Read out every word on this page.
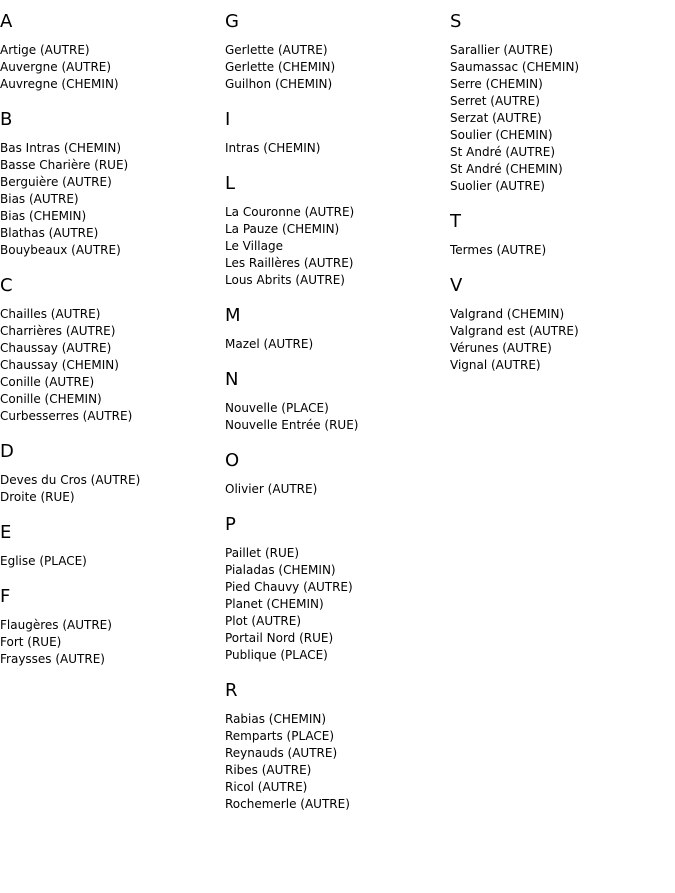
A
Artige (AUTRE)
Auvergne (AUTRE)
Auvregne (CHEMIN)
B
Bas Intras (CHEMIN)
Basse Charière (RUE)
Berguière (AUTRE)
Bias (AUTRE)
Bias (CHEMIN)
Blathas (AUTRE)
Bouybeaux (AUTRE)
C
Chailles (AUTRE)
Charrières (AUTRE)
Chaussay (AUTRE)
Chaussay (CHEMIN)
Conille (AUTRE)
Conille (CHEMIN)
Curbesserres (AUTRE)
D
Deves du Cros (AUTRE)
Droite (RUE)
E
Eglise (PLACE)
F
Flaugères (AUTRE)
Fort (RUE)
Fraysses (AUTRE)
G
Gerlette (AUTRE)
Gerlette (CHEMIN)
Guilhon (CHEMIN)
I
Intras (CHEMIN)
L
La Couronne (AUTRE)
La Pauze (CHEMIN)
Le Village
Les Raillères (AUTRE)
Lous Abrits (AUTRE)
M
Mazel (AUTRE)
N
Nouvelle (PLACE)
Nouvelle Entrée (RUE)
O
Olivier (AUTRE)
P
Paillet (RUE)
Pialadas (CHEMIN)
Pied Chauvy (AUTRE)
Planet (CHEMIN)
Plot (AUTRE)
Portail Nord (RUE)
Publique (PLACE)
R
Rabias (CHEMIN)
Remparts (PLACE)
Reynauds (AUTRE)
Ribes (AUTRE)
Ricol (AUTRE)
Rochemerle (AUTRE)
S
Sarallier (AUTRE)
Saumassac (CHEMIN)
Serre (CHEMIN)
Serret (AUTRE)
Serzat (AUTRE)
Soulier (CHEMIN)
St André (AUTRE)
St André (CHEMIN)
Suolier (AUTRE)
T
Termes (AUTRE)
V
Valgrand (CHEMIN)
Valgrand est (AUTRE)
Vérunes (AUTRE)
Vignal (AUTRE)
